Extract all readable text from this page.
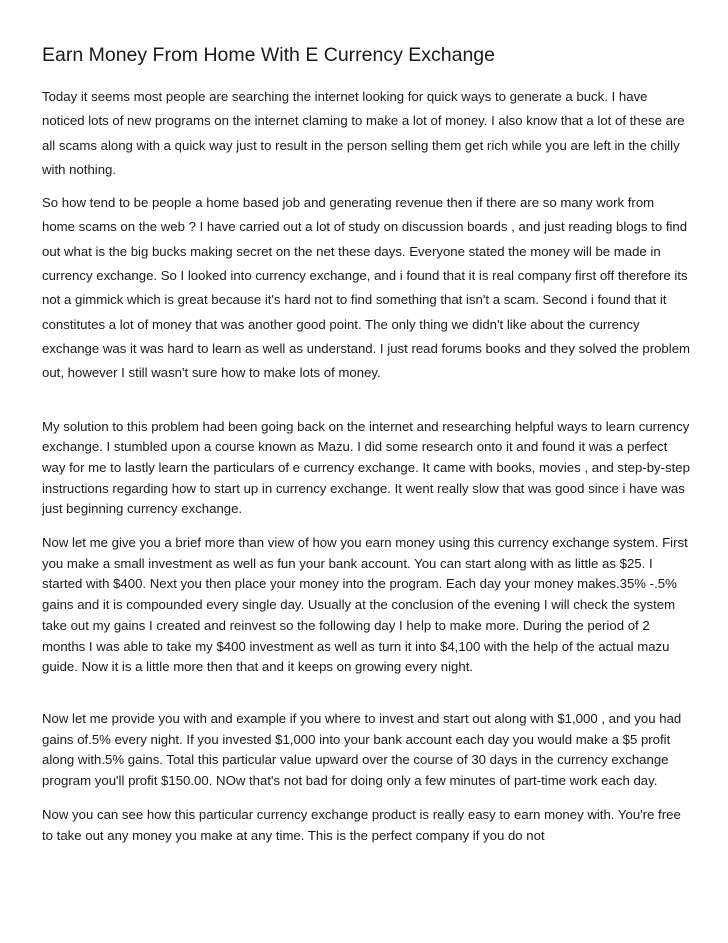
Earn Money From Home With E Currency Exchange

Today it seems most people are searching the internet looking for quick ways to generate a buck. I have noticed lots of new programs on the internet claming to make a lot of money. I also know that a lot of these are all scams along with a quick way just to result in the person selling them get rich while you are left in the chilly with nothing.

So how tend to be people a home based job and generating revenue then if there are so many work from home scams on the web ? I have carried out a lot of study on discussion boards , and just reading blogs to find out what is the big bucks making secret on the net these days. Everyone stated the money will be made in currency exchange. So I looked into currency exchange, and i found that it is real company first off therefore its not a gimmick which is great because it's hard not to find something that isn't a scam. Second i found that it constitutes a lot of money that was another good point. The only thing we didn't like about the currency exchange was it was hard to learn as well as understand. I just read forums books and they solved the problem out, however I still wasn't sure how to make lots of money.

My solution to this problem had been going back on the internet and researching helpful ways to learn currency exchange. I stumbled upon a course known as Mazu. I did some research onto it and found it was a perfect way for me to lastly learn the particulars of e currency exchange. It came with books, movies , and step-by-step instructions regarding how to start up in currency exchange. It went really slow that was good since i have was just beginning currency exchange.

Now let me give you a brief more than view of how you earn money using this currency exchange system. First you make a small investment as well as fun your bank account. You can start along with as little as $25. I started with $400. Next you then place your money into the program. Each day your money makes.35% -.5% gains and it is compounded every single day. Usually at the conclusion of the evening I will check the system take out my gains I created and reinvest so the following day I help to make more. During the period of 2 months I was able to take my $400 investment as well as turn it into $4,100 with the help of the actual mazu guide. Now it is a little more then that and it keeps on growing every night.

Now let me provide you with and example if you where to invest and start out along with $1,000 , and you had gains of.5% every night. If you invested $1,000 into your bank account each day you would make a $5 profit along with.5% gains. Total this particular value upward over the course of 30 days in the currency exchange program you'll profit $150.00. NOw that's not bad for doing only a few minutes of part-time work each day.

Now you can see how this particular currency exchange product is really easy to earn money with. You're free to take out any money you make at any time. This is the perfect company if you do not
